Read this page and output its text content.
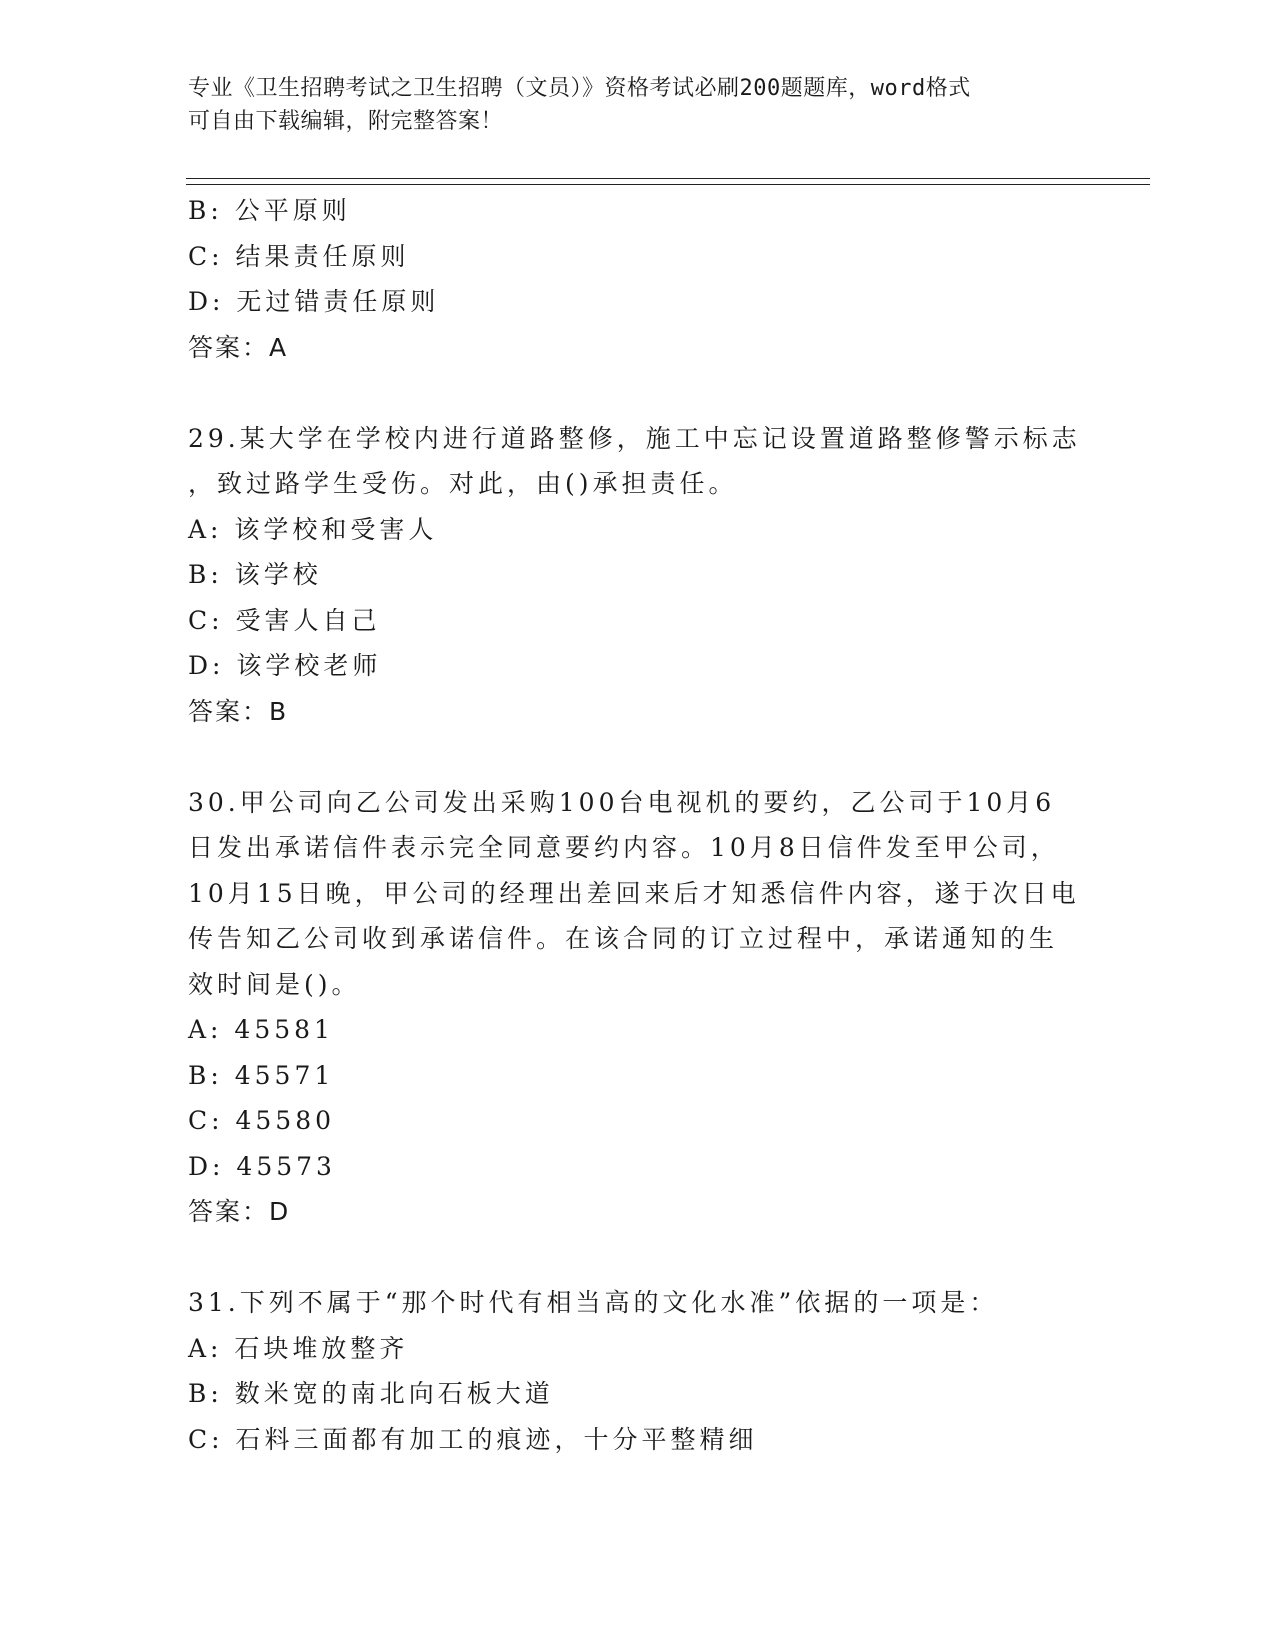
专业《卫生招聘考试之卫生招聘（文员）》资格考试必刷200题题库，word格式
可自由下载编辑，附完整答案！
B: 公平原则
C: 结果责任原则
D: 无过错责任原则
答案：A
29.某大学在学校内进行道路整修，施工中忘记设置道路整修警示标志
，致过路学生受伤。对此，由()承担责任。
A: 该学校和受害人
B: 该学校
C: 受害人自己
D: 该学校老师
答案：B
30.甲公司向乙公司发出采购100台电视机的要约，乙公司于10月6
日发出承诺信件表示完全同意要约内容。10月8日信件发至甲公司，
10月15日晚，甲公司的经理出差回来后才知悉信件内容，遂于次日电
传告知乙公司收到承诺信件。在该合同的订立过程中，承诺通知的生
效时间是()。
A: 45581
B: 45571
C: 45580
D: 45573
答案：D
31.下列不属于“那个时代有相当高的文化水准”依据的一项是：
A: 石块堆放整齐
B: 数米宽的南北向石板大道
C: 石料三面都有加工的痕迹，十分平整精细
